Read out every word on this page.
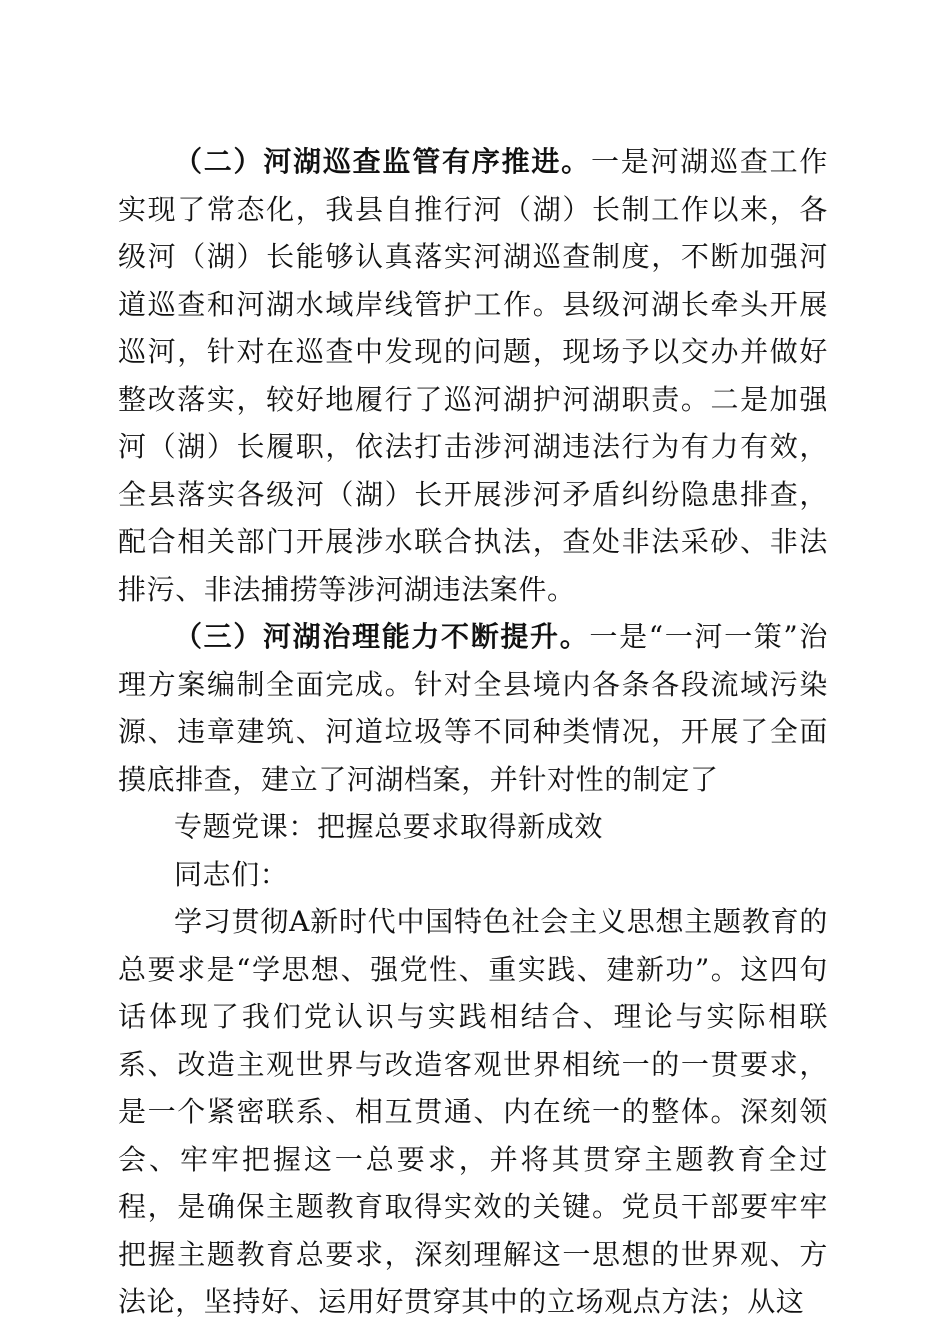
（二）河湖巡查监管有序推进。一是河湖巡查工作实现了常态化，我县自推行河（湖）长制工作以来，各级河（湖）长能够认真落实河湖巡查制度，不断加强河道巡查和河湖水域岸线管护工作。县级河湖长牵头开展巡河，针对在巡查中发现的问题，现场予以交办并做好整改落实，较好地履行了巡河湖护河湖职责。二是加强河（湖）长履职，依法打击涉河湖违法行为有力有效，全县落实各级河（湖）长开展涉河矛盾纠纷隐患排查，配合相关部门开展涉水联合执法，查处非法采砂、非法排污、非法捕捞等涉河湖违法案件。

（三）河湖治理能力不断提升。一是“一河一策”治理方案编制全面完成。针对全县境内各条各段流域污染源、违章建筑、河道垃圾等不同种类情况，开展了全面摸底排查，建立了河湖档案，并针对性的制定了

专题党课：把握总要求取得新成效

同志们：

学习贯彻A新时代中国特色社会主义思想主题教育的总要求是“学思想、强党性、重实践、建新功”。这四句话体现了我们党认识与实践相结合、理论与实际相联系、改造主观世界与改造客观世界相统一的一贯要求，是一个紧密联系、相互贯通、内在统一的整体。深刻领会、牢牢把握这一总要求，并将其贯穿主题教育全过程，是确保主题教育取得实效的关键。党员干部要牢牢把握主题教育总要求，深刻理解这一思想的世界观、方法论，坚持好、运用好贯穿其中的立场观点方法；从这
